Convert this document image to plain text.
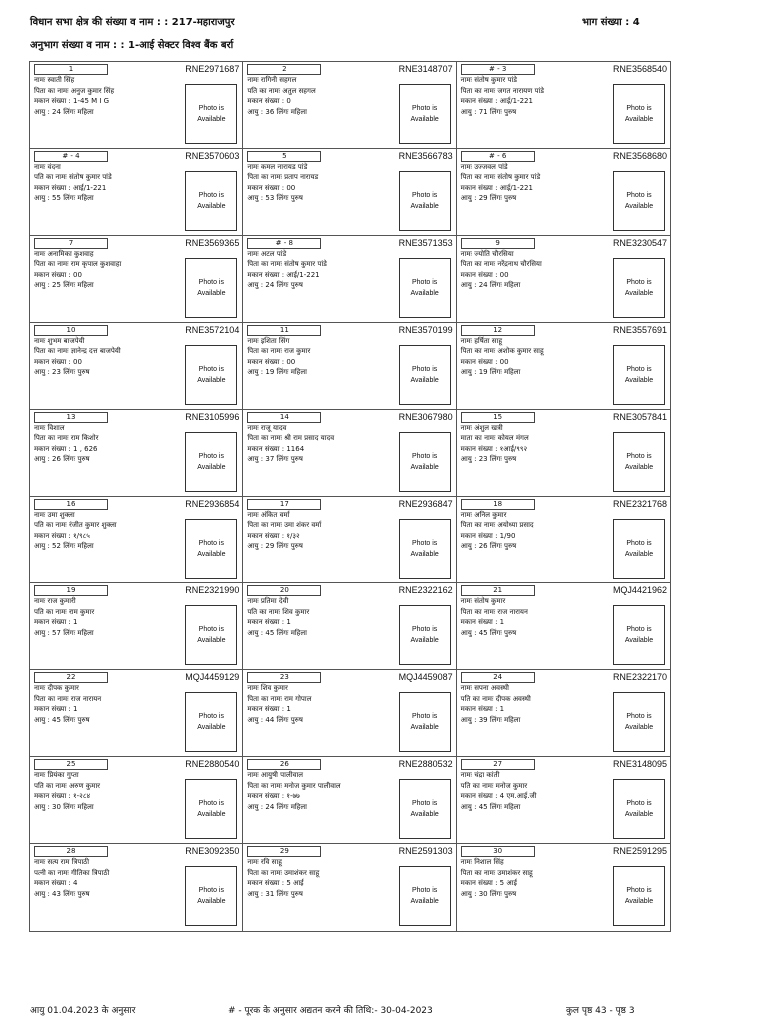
विधान सभा क्षेत्र की संख्या व नाम : : 217-महाराजपुर	भाग संख्या : 4
अनुभाग संख्या व नाम : : 1-आई सेक्टर विश्व बैंक बर्रा
1	RNE2971687
नामः स्वाती सिंह
पिता का नामः अनुज कुमार सिंह
मकान संख्या : 1-45 M I G
आयु : 24 लिंगः महिला	Photo is
Available
2	RNE3148707
नामः रागिनी सहगल
पति का नामः अतुल सहगल
मकान संख्या : 0
आयु : 36 लिंगः महिला	Photo is
Available
# - 3	RNE3568540
नामः संतोष कुमार पांडे
पिता का नामः जगत नारायण पांडे
मकान संख्या : आई/1-221
आयु : 71 लिंगः पुरुष	Photo is
Available
# - 4	RNE3570603
नामः वंदना
पति का नामः संतोष कुमार पांडे
मकान संख्या : आई/1-221
आयु : 55 लिंगः महिला	Photo is
Available
5	RNE3566783
नामः कमल नारायड पांडे
पिता का नामः प्रताप नारायड
मकान संख्या : 00
आयु : 53 लिंगः पुरुष	Photo is
Available
# - 6	RNE3568680
नामः उज्जवल पांडे
पिता का नामः संतोष कुमार पांडे
मकान संख्या : आई/1-221
आयु : 29 लिंगः पुरुष	Photo is
Available
7	RNE3569365
नामः अनामिका कुशवाह
पिता का नामः राम कृपाल कुशवाहा
मकान संख्या : 00
आयु : 25 लिंगः महिला	Photo is
Available
# - 8	RNE3571353
नामः अटल पांडे
पिता का नामः संतोष कुमार पांडे
मकान संख्या : आई/1-221
आयु : 24 लिंगः पुरुष	Photo is
Available
9	RNE3230547
नामः ज्योति चौरसिया
पिता का नामः नरेंद्रनाथ चौरसिया
मकान संख्या : 00
आयु : 24 लिंगः महिला	Photo is
Available
10	RNE3572104
नामः शुभम बाजपेयी
पिता का नामः ज्ञानेन्द्र दत्त बाजपेयी
मकान संख्या : 00
आयु : 23 लिंगः पुरुष	Photo is
Available
11	RNE3570199
नामः इशिता सिंग
पिता का नामः राज कुमार
मकान संख्या : 00
आयु : 19 लिंगः महिला	Photo is
Available
12	RNE3557691
नामः हर्षिता साहू
पिता का नामः अशोक कुमार साहू
मकान संख्या : 00
आयु : 19 लिंगः महिला	Photo is
Available
13	RNE3105996
नामः विशाल
पिता का नामः राम किशोर
मकान संख्या : 1 , 626
आयु : 26 लिंगः पुरुष	Photo is
Available
14	RNE3067980
नामः राजू यादव
पिता का नामः श्री राम प्रसाद यादव
मकान संख्या : 1164
आयु : 37 लिंगः पुरुष	Photo is
Available
15	RNE3057841
नामः अंशुल खत्री
माता का नामः कोयल मंगल
मकान संख्या : १आई/९९२
आयु : 23 लिंगः पुरुष	Photo is
Available
16	RNE2936854
नामः उमा शुक्ला
पति का नामः रंजीत कुमार शुक्ला
मकान संख्या : १/९८५
आयु : 52 लिंगः महिला	Photo is
Available
17	RNE2936847
नामः अंकित वर्मा
पिता का नामः उमा शंकर वर्मा
मकान संख्या : १/३२
आयु : 29 लिंगः पुरुष	Photo is
Available
18	RNE2321768
नामः अनिल कुमार
पिता का नामः अयोध्या प्रसाद
मकान संख्या : 1/90
आयु : 26 लिंगः पुरुष	Photo is
Available
19	RNE2321990
नामः राज कुमारी
पति का नामः राम कुमार
मकान संख्या : 1
आयु : 57 लिंगः महिला	Photo is
Available
20	RNE2322162
नामः प्रतिमा देवी
पति का नामः शिव कुमार
मकान संख्या : 1
आयु : 45 लिंगः महिला	Photo is
Available
21	MQJ4421962
नामः संतोष कुमार
पिता का नामः राज नारायन
मकान संख्या : 1
आयु : 45 लिंगः पुरुष	Photo is
Available
22	MQJ4459129
नामः दीपक कुमार
पिता का नामः राज नारायन
मकान संख्या : 1
आयु : 45 लिंगः पुरुष	Photo is
Available
23	MQJ4459087
नामः शिव कुमार
पिता का नामः राम गोपाल
मकान संख्या : 1
आयु : 44 लिंगः पुरुष	Photo is
Available
24	RNE2322170
नामः सपना अवस्थी
पति का नामः दीपक अवस्थी
मकान संख्या : 1
आयु : 39 लिंगः महिला	Photo is
Available
25	RNE2880540
नामः प्रियंका गुप्ता
पति का नामः अरुण कुमार
मकान संख्या : १-२८४
आयु : 30 लिंगः महिला	Photo is
Available
26	RNE2880532
नामः आयुषी पालीवाल
पिता का नामः मनोज कुमार पालीवाल
मकान संख्या : १-७७
आयु : 24 लिंगः महिला	Photo is
Available
27	RNE3148095
नामः चंद्रा कांती
पति का नामः मनोज कुमार
मकान संख्या : 4 एम.आई.जी
आयु : 45 लिंगः महिला	Photo is
Available
28	RNE3092350
नामः सत्य राम त्रिपाठी
पत्नी का नामः गीतिका त्रिपाठी
मकान संख्या : 4
आयु : 43 लिंगः पुरुष	Photo is
Available
29	RNE2591303
नामः रवि साहू
पिता का नामः उमाशंकर साहू
मकान संख्या : 5 आई
आयु : 31 लिंगः पुरुष	Photo is
Available
30	RNE2591295
नामः निशाल सिंह
पिता का नामः उमाशंकर साहू
मकान संख्या : 5 आई
आयु : 30 लिंगः पुरुष	Photo is
Available
आयु 01.04.2023 के अनुसार	# - पूरक के अनुसार अद्यतन करने की तिथि:- 30-04-2023	कुल पृष्ठ 43 - पृष्ठ 3
